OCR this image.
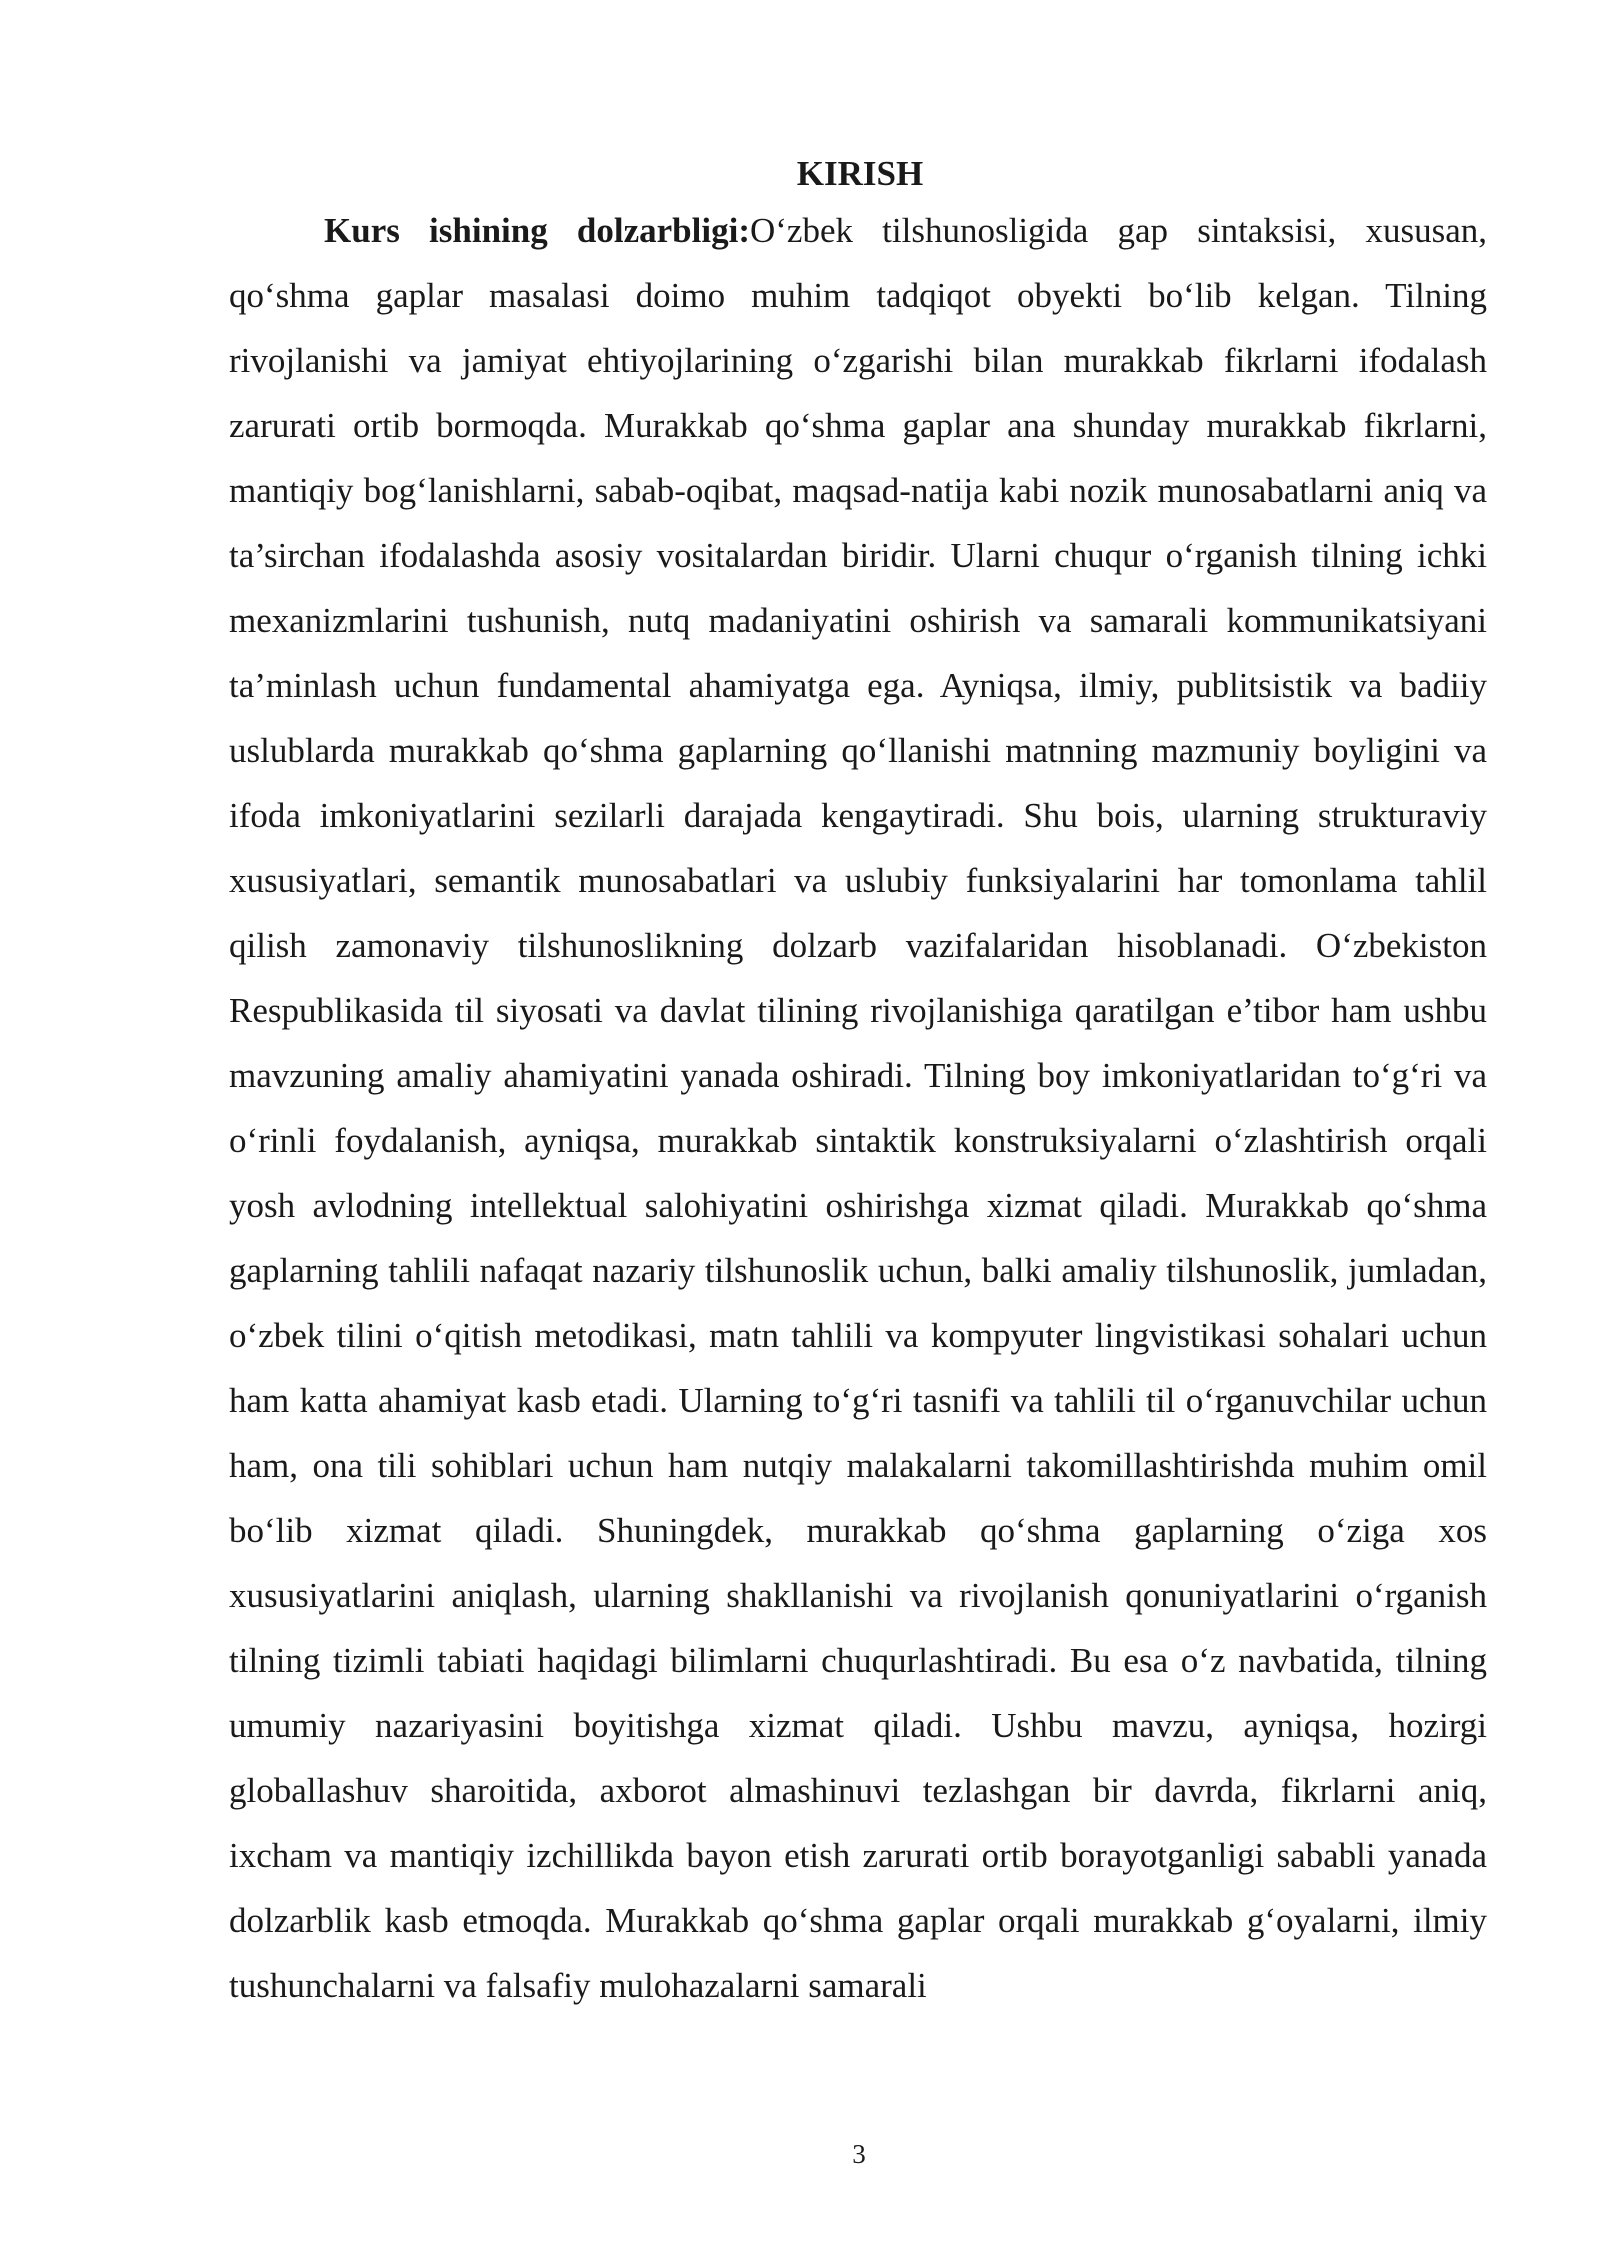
KIRISH

Kurs ishining dolzarbligi:O‘zbek tilshunosligida gap sintaksisi, xususan, qo‘shma gaplar masalasi doimo muhim tadqiqot obyekti bo‘lib kelgan. Tilning rivojlanishi va jamiyat ehtiyojlarining o‘zgarishi bilan murakkab fikrlarni ifodalash zarurati ortib bormoqda. Murakkab qo‘shma gaplar ana shunday murakkab fikrlarni, mantiqiy bog‘lanishlarni, sabab-oqibat, maqsad-natija kabi nozik munosabatlarni aniq va ta’sirchan ifodalashda asosiy vositalardan biridir. Ularni chuqur o‘rganish tilning ichki mexanizmlarini tushunish, nutq madaniyatini oshirish va samarali kommunikatsiyani ta’minlash uchun fundamental ahamiyatga ega. Ayniqsa, ilmiy, publitsistik va badiiy uslublarda murakkab qo‘shma gaplarning qo‘llanishi matnning mazmuniy boyligini va ifoda imkoniyatlarini sezilarli darajada kengaytiradi. Shu bois, ularning strukturaviy xususiyatlari, semantik munosabatlari va uslubiy funksiyalarini har tomonlama tahlil qilish zamonaviy tilshunoslikning dolzarb vazifalaridan hisoblanadi. O‘zbekiston Respublikasida til siyosati va davlat tilining rivojlanishiga qaratilgan e’tibor ham ushbu mavzuning amaliy ahamiyatini yanada oshiradi. Tilning boy imkoniyatlaridan to‘g‘ri va o‘rinli foydalanish, ayniqsa, murakkab sintaktik konstruksiyalarni o‘zlashtirish orqali yosh avlodning intellektual salohiyatini oshirishga xizmat qiladi. Murakkab qo‘shma gaplarning tahlili nafaqat nazariy tilshunoslik uchun, balki amaliy tilshunoslik, jumladan, o‘zbek tilini o‘qitish metodikasi, matn tahlili va kompyuter lingvistikasi sohalari uchun ham katta ahamiyat kasb etadi. Ularning to‘g‘ri tasnifi va tahlili til o‘rganuvchilar uchun ham, ona tili sohiblari uchun ham nutqiy malakalarni takomillashtirishda muhim omil bo‘lib xizmat qiladi. Shuningdek, murakkab qo‘shma gaplarning o‘ziga xos xususiyatlarini aniqlash, ularning shakllanishi va rivojlanish qonuniyatlarini o‘rganish tilning tizimli tabiati haqidagi bilimlarni chuqurlashtiradi. Bu esa o‘z navbatida, tilning umumiy nazariyasini boyitishga xizmat qiladi. Ushbu mavzu, ayniqsa, hozirgi globallashuv sharoitida, axborot almashinuvi tezlashgan bir davrda, fikrlarni aniq, ixcham va mantiqiy izchillikda bayon etish zarurati ortib borayotganligi sababli yanada dolzarblik kasb etmoqda. Murakkab qo‘shma gaplar orqali murakkab g‘oyalarni, ilmiy tushunchalarni va falsafiy mulohazalarni samarali

3
